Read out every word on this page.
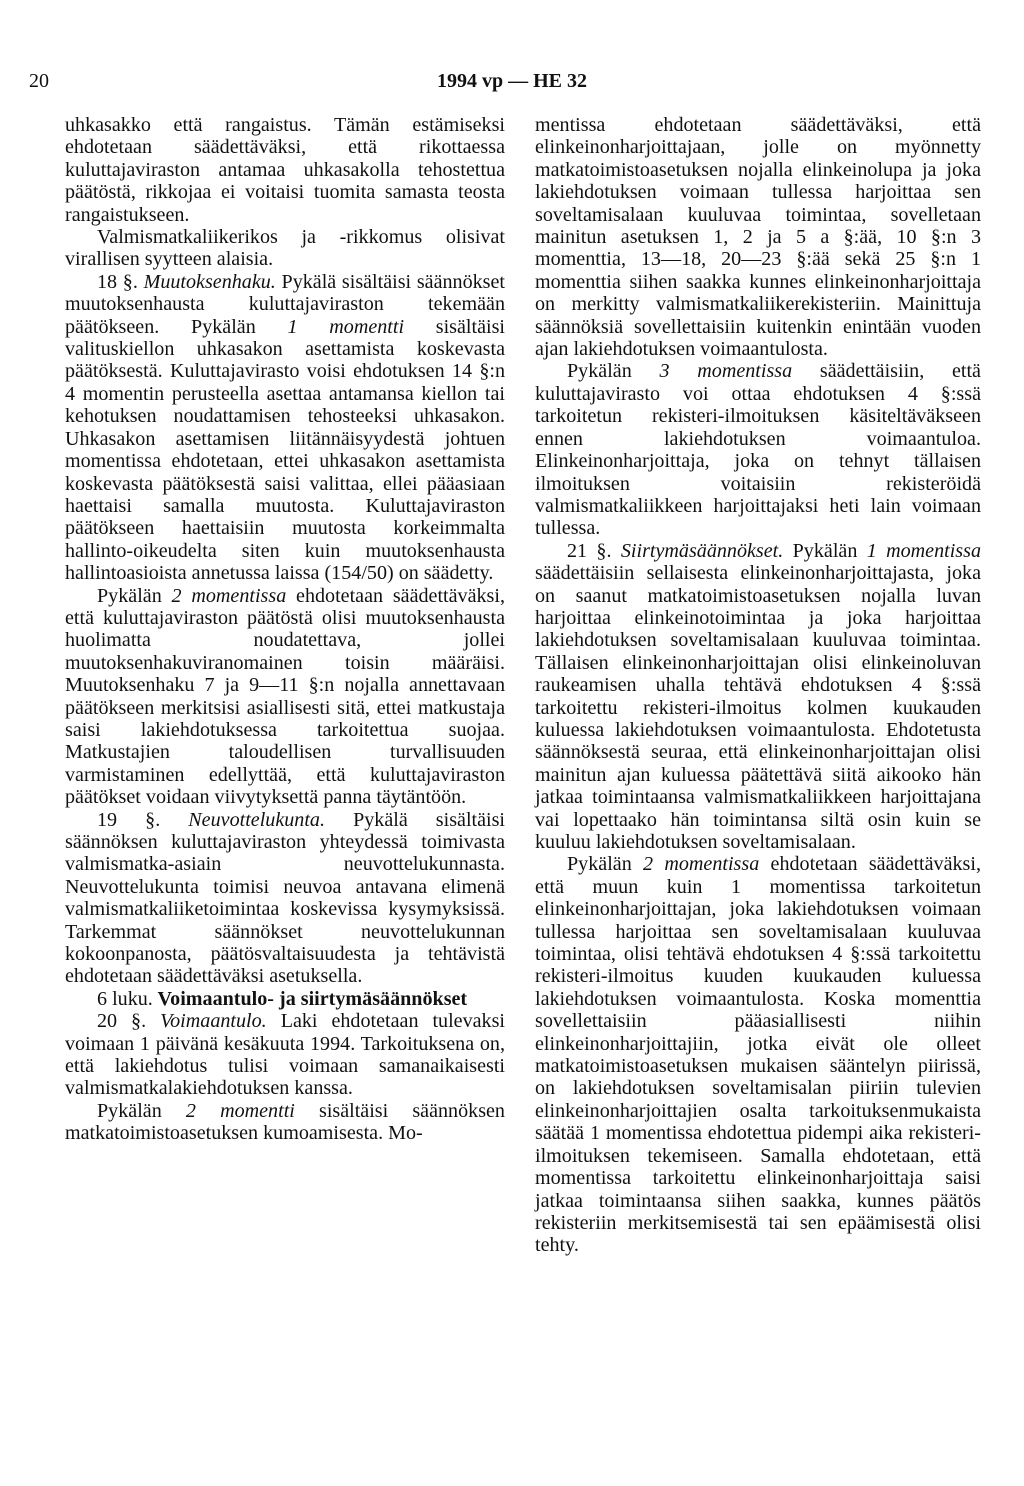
20	1994 vp — HE 32

uhkasakko että rangaistus. Tämän estämiseksi ehdotetaan säädettäväksi, että rikottaessa kuluttajaviraston antamaa uhkasakolla tehostettua päätöstä, rikkojaa ei voitaisi tuomita samasta teosta rangaistukseen.

Valmismatkaliikerikos ja -rikkomus olisivat virallisen syytteen alaisia.

18 §. Muutoksenhaku. Pykälä sisältäisi säännökset muutoksenhausta kuluttajaviraston tekemään päätökseen. Pykälän 1 momentti sisältäisi valituskiellon uhkasakon asettamista koskevasta päätöksestä. Kuluttajavirasto voisi ehdotuksen 14 §:n 4 momentin perusteella asettaa antamansa kiellon tai kehotuksen noudattamisen tehosteeksi uhkasakon. Uhkasakon asettamisen liitännäisyydestä johtuen momentissa ehdotetaan, ettei uhkasakon asettamista koskevasta päätöksestä saisi valittaa, ellei pääasiaan haettaisi samalla muutosta. Kuluttajaviraston päätökseen haettaisiin muutosta korkeimmalta hallinto-oikeudelta siten kuin muutoksenhausta hallintoasioista annetussa laissa (154/50) on säädetty.

Pykälän 2 momentissa ehdotetaan säädettäväksi, että kuluttajaviraston päätöstä olisi muutoksenhausta huolimatta noudatettava, jollei muutoksenhakuviranomainen toisin määräisi. Muutoksenhaku 7 ja 9—11 §:n nojalla annettavaan päätökseen merkitsisi asiallisesti sitä, ettei matkustaja saisi lakiehdotuksessa tarkoitettua suojaa. Matkustajien taloudellisen turvallisuuden varmistaminen edellyttää, että kuluttajaviraston päätökset voidaan viivytyksettä panna täytäntöön.

19 §. Neuvottelukunta. Pykälä sisältäisi säännöksen kuluttajaviraston yhteydessä toimivasta valmismatka-asiain neuvottelukunnasta. Neuvottelukunta toimisi neuvoa antavana elimenä valmismatkaliiketoimintaa koskevissa kysymyksissä. Tarkemmat säännökset neuvottelukunnan kokoonpanosta, päätösvaltaisuudesta ja tehtävistä ehdotetaan säädettäväksi asetuksella.

6 luku. Voimaantulo- ja siirtymäsäännökset

20 §. Voimaantulo. Laki ehdotetaan tulevaksi voimaan 1 päivänä kesäkuuta 1994. Tarkoituksena on, että lakiehdotus tulisi voimaan samanaikaisesti valmismatkalakiehdotuksen kanssa.

Pykälän 2 momentti sisältäisi säännöksen matkatoimistoasetuksen kumoamisesta. Mo-

mentissa ehdotetaan säädettäväksi, että elinkeinonharjoittajaan, jolle on myönnetty matkatoimistoasetuksen nojalla elinkeinolupa ja joka lakiehdotuksen voimaan tullessa harjoittaa sen soveltamisalaan kuuluvaa toimintaa, sovelletaan mainitun asetuksen 1, 2 ja 5 a §:ää, 10 §:n 3 momenttia, 13—18, 20—23 §:ää sekä 25 §:n 1 momenttia siihen saakka kunnes elinkeinonharjoittaja on merkitty valmismatkaliikerekisteriin. Mainittuja säännöksiä sovellettaisiin kuitenkin enintään vuoden ajan lakiehdotuksen voimaantulosta.

Pykälän 3 momentissa säädettäisiin, että kuluttajavirasto voi ottaa ehdotuksen 4 §:ssä tarkoitetun rekisteri-ilmoituksen käsiteltäväkseen ennen lakiehdotuksen voimaantuloa. Elinkeinonharjoittaja, joka on tehnyt tällaisen ilmoituksen voitaisiin rekisteröidä valmismatkaliikkeen harjoittajaksi heti lain voimaan tullessa.

21 §. Siirtymäsäännökset. Pykälän 1 momentissa säädettäisiin sellaisesta elinkeinonharjoittajasta, joka on saanut matkatoimistoasetuksen nojalla luvan harjoittaa elinkeinotoimintaa ja joka harjoittaa lakiehdotuksen soveltamisalaan kuuluvaa toimintaa. Tällaisen elinkeinonharjoittajan olisi elinkeinoluvan raukeamisen uhalla tehtävä ehdotuksen 4 §:ssä tarkoitettu rekisteri-ilmoitus kolmen kuukauden kuluessa lakiehdotuksen voimaantulosta. Ehdotetusta säännöksestä seuraa, että elinkeinonharjoittajan olisi mainitun ajan kuluessa päätettävä siitä aikooko hän jatkaa toimintaansa valmismatkaliikkeen harjoittajana vai lopettaako hän toimintansa siltä osin kuin se kuuluu lakiehdotuksen soveltamisalaan.

Pykälän 2 momentissa ehdotetaan säädettäväksi, että muun kuin 1 momentissa tarkoitetun elinkeinonharjoittajan, joka lakiehdotuksen voimaan tullessa harjoittaa sen soveltamisalaan kuuluvaa toimintaa, olisi tehtävä ehdotuksen 4 §:ssä tarkoitettu rekisteri-ilmoitus kuuden kuukauden kuluessa lakiehdotuksen voimaantulosta. Koska momenttia sovellettaisiin pääasiallisesti niihin elinkeinonharjoittajiin, jotka eivät ole olleet matkatoimistoasetuksen mukaisen sääntelyn piirissä, on lakiehdotuksen soveltamisalan piiriin tulevien elinkeinonharjoittajien osalta tarkoituksenmukaista säätää 1 momentissa ehdotettua pidempi aika rekisteri-ilmoituksen tekemiseen. Samalla ehdotetaan, että momentissa tarkoitettu elinkeinonharjoittaja saisi jatkaa toimintaansa siihen saakka, kunnes päätös rekisteriin merkitsemisestä tai sen epäämisestä olisi tehty.
